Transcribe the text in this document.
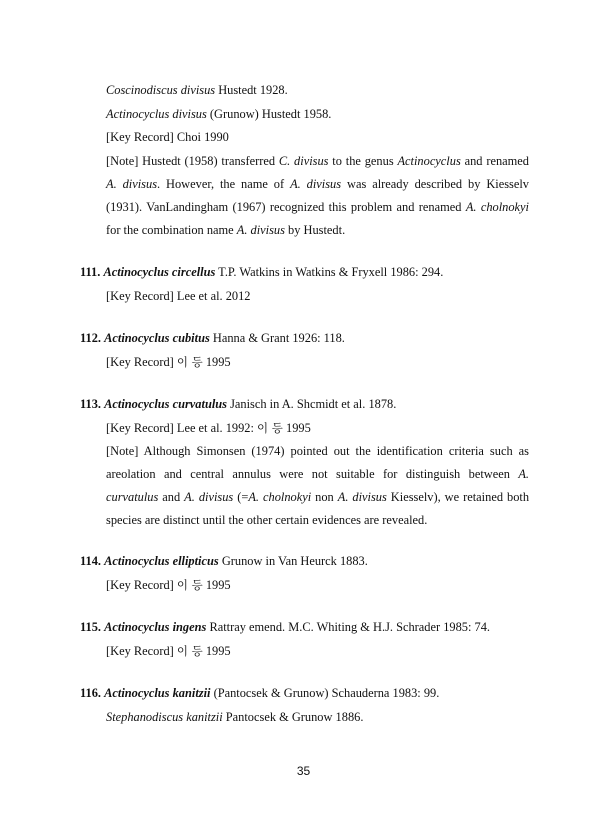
Coscinodiscus divisus Hustedt 1928.
Actinocyclus divisus (Grunow) Hustedt 1958.
[Key Record] Choi 1990
[Note] Hustedt (1958) transferred C. divisus to the genus Actinocyclus and renamed
A. divisus. However, the name of A. divisus was already described by Kiesselv
(1931). VanLandingham (1967) recognized this problem and renamed A. cholnokyi
for the combination name A. divisus by Hustedt.
111. Actinocyclus circellus T.P. Watkins in Watkins & Fryxell 1986: 294.
[Key Record] Lee et al. 2012
112. Actinocyclus cubitus Hanna & Grant 1926: 118.
[Key Record] 이 등 1995
113. Actinocyclus curvatulus Janisch in A. Shcmidt et al. 1878.
[Key Record] Lee et al. 1992: 이 등 1995
[Note] Although Simonsen (1974) pointed out the identification criteria such as
areolation and central annulus were not suitable for distinguish between A.
curvatulus and A. divisus (=A. cholnokyi non A. divisus Kiesselv), we retained both
species are distinct until the other certain evidences are revealed.
114. Actinocyclus ellipticus Grunow in Van Heurck 1883.
[Key Record] 이 등 1995
115. Actinocyclus ingens Rattray emend. M.C. Whiting & H.J. Schrader 1985: 74.
[Key Record] 이 등 1995
116. Actinocyclus kanitzii (Pantocsek & Grunow) Schauderna 1983: 99.
Stephanodiscus kanitzii Pantocsek & Grunow 1886.
35
